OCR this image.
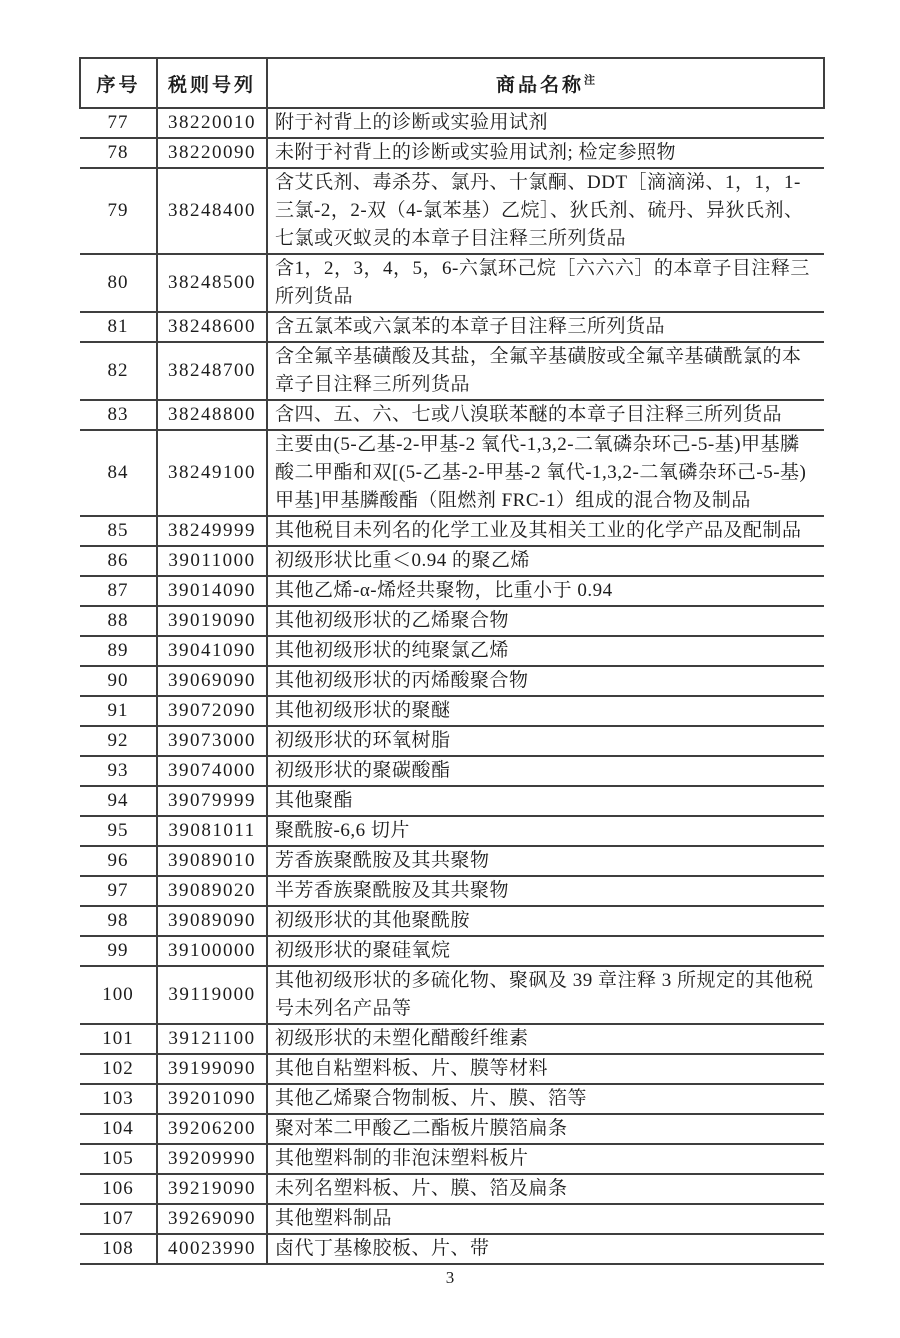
序号	税则号列	商品名称$^注$
77	38220010	附于衬背上的诊断或实验用试剂
78	38220090	未附于衬背上的诊断或实验用试剂; 检定参照物
79	38248400	含艾氏剂、毒杀芬、氯丹、十氯酮、DDT［滴滴涕、1，1，1-三氯-2，2-双（4-氯苯基）乙烷］、狄氏剂、硫丹、异狄氏剂、七氯或灭蚁灵的本章子目注释三所列货品
80	38248500	含1，2，3，4，5，6-六氯环己烷［六六六］的本章子目注释三所列货品
81	38248600	含五氯苯或六氯苯的本章子目注释三所列货品
82	38248700	含全氟辛基磺酸及其盐，全氟辛基磺胺或全氟辛基磺酰氯的本章子目注释三所列货品
83	38248800	含四、五、六、七或八溴联苯醚的本章子目注释三所列货品
84	38249100	主要由(5-乙基-2-甲基-2 氧代-1,3,2-二氧磷杂环己-5-基)甲基膦酸二甲酯和双[(5-乙基-2-甲基-2 氧代-1,3,2-二氧磷杂环己-5-基)甲基]甲基膦酸酯（阻燃剂 FRC-1）组成的混合物及制品
85	38249999	其他税目未列名的化学工业及其相关工业的化学产品及配制品
86	39011000	初级形状比重＜0.94 的聚乙烯
87	39014090	其他乙烯-α-烯烃共聚物，比重小于 0.94
88	39019090	其他初级形状的乙烯聚合物
89	39041090	其他初级形状的纯聚氯乙烯
90	39069090	其他初级形状的丙烯酸聚合物
91	39072090	其他初级形状的聚醚
92	39073000	初级形状的环氧树脂
93	39074000	初级形状的聚碳酸酯
94	39079999	其他聚酯
95	39081011	聚酰胺-6,6 切片
96	39089010	芳香族聚酰胺及其共聚物
97	39089020	半芳香族聚酰胺及其共聚物
98	39089090	初级形状的其他聚酰胺
99	39100000	初级形状的聚硅氧烷
100	39119000	其他初级形状的多硫化物、聚砜及 39 章注释 3 所规定的其他税号未列名产品等
101	39121100	初级形状的未塑化醋酸纤维素
102	39199090	其他自粘塑料板、片、膜等材料
103	39201090	其他乙烯聚合物制板、片、膜、箔等
104	39206200	聚对苯二甲酸乙二酯板片膜箔扁条
105	39209990	其他塑料制的非泡沫塑料板片
106	39219090	未列名塑料板、片、膜、箔及扁条
107	39269090	其他塑料制品
108	40023990	卤代丁基橡胶板、片、带
3
